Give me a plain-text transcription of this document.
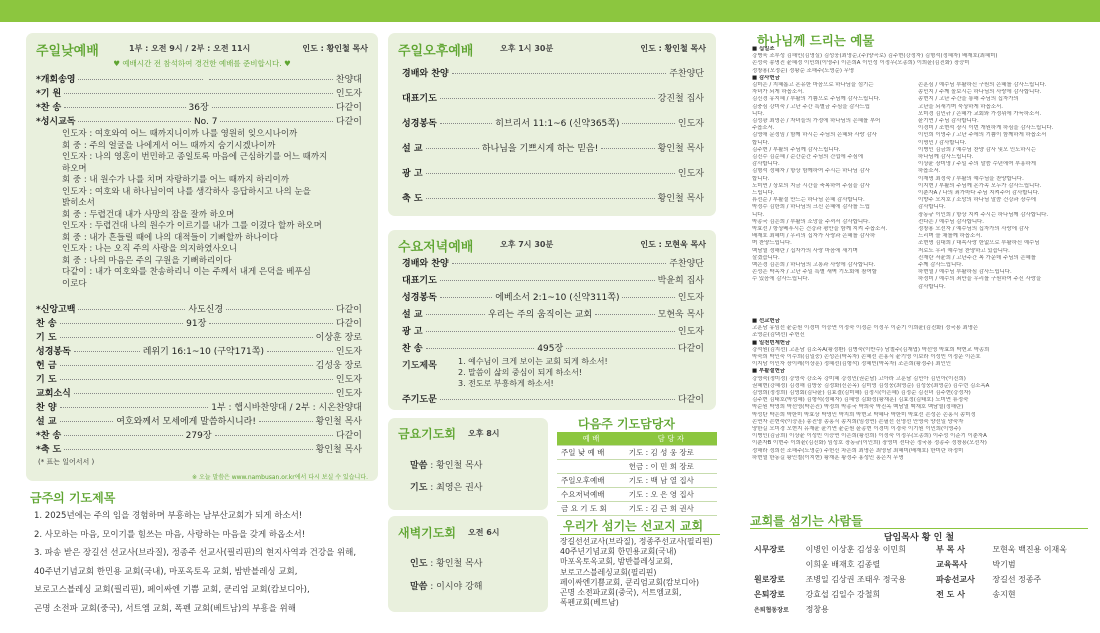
주일낮예배	1부 : 오전 9시 / 2부 : 오전 11시	인도 : 황인철 목사
♥ 예배시간 전 참석하여 경건한 예배를 준비합시다. ♥
*개회송영	찬양대
*기 원	인도자
*찬 송	36장	다같이
*성시교독	No. 7	다같이
인도자 : 여호와여 어느 때까지니이까 나를 영원히 잊으시나이까
회 중 : 주의 얼굴을 나에게서 어느 때까지 숨기시겠나이까
인도자 : 나의 영혼이 번민하고 종일토록 마음에 근심하기를 어느 때까지
하오며
회 중 : 내 원수가 나를 치며 자랑하기를 어느 때까지 하리이까
인도자 : 여호와 내 하나님이여 나를 생각하사 응답하시고 나의 눈을
밝히소서
회 중 : 두렵건대 내가 사망의 잠을 잘까 하오며
인도자 : 두렵건대 나의 원수가 이르기를 내가 그를 이겼다 할까 하오며
회 중 : 내가 흔들릴 때에 나의 대적들이 기뻐할까 하나이다
인도자 : 나는 오직 주의 사랑을 의지하였사오니
회 중 : 나의 마음은 주의 구원을 기뻐하리이다
다같이 : 내가 여호와를 찬송하리니 이는 주께서 내게 은덕을 베푸심
이로다
*신앙고백	사도신경	다같이
찬 송	91장	다같이
기 도	이상훈 장로
성경봉독	레위기 16:1~10 (구약171쪽)	인도자
헌 금	김성웅 장로
기 도	인도자
교회소식	인도자
찬 양	1부 : 햅시바찬양대 / 2부 : 시온찬양대
설 교	여호와께서 모세에게 말씀하시니라!	황인철 목사
*찬 송	279장	다같이
*축 도	황인철 목사
(* 표는 일어서서 )
※ 오늘 말씀은 www.nambusan.or.kr에서 다시 보실 수 있습니다.
금주의 기도제목
1. 2025년에는 주의 임을 경험하며 부흥하는 남부산교회가 되게 하소서!
2. 사모하는 마음, 모이기를 힘쓰는 마음, 사랑하는 마음을 갖게 하옵소서!
3. 파송 받은 장길선 선교사(브라질), 정종주 선교사(필리핀)의 현지사역과 건강을 위해,
40주년기념교회 한민용 교회(국내), 마포옥토옥 교회, 밤반블레싱 교회,
보로고스블레싱 교회(필리핀), 페이싸엔 기쁨 교회, 쿤리엄 교회(캄보디아),
곤명 소전파 교회(중국), 서트엠 교회, 폭펜 교회(베트남)의 부흥을 위해
주일오후예배	오후 1시 30분	인도 : 황인철 목사
경배와 찬양	주찬양단
대표기도	강진철 집사
성경봉독	히브리서 11:1~6 (신약365쪽)	인도자
설 교	하나님을 기쁘시게 하는 믿음!	황인철 목사
광 고	인도자
축 도	황인철 목사
수요저녁예배	오후 7시 30분	인도 : 모현욱 목사
경배와 찬양	주찬양단
대표기도	박윤희 집사
성경봉독	에베소서 2:1~10 (신약311쪽)	인도자
설 교	우리는 주의 움직이는 교회	모현욱 목사
광 고	인도자
찬 송	495장	다같이
기도제목	1. 예수님이 크게 보이는 교회 되게 하소서!
2. 말씀이 삶의 중심이 되게 하소서!
3. 전도로 부흥하게 하소서!
주기도문	다같이
금요기도회 오후 8시
말씀 : 황인철 목사
기도 : 최영은 권사
새벽기도회 오전 6시
인도 : 황인철 목사
말씀 : 이시야 강해
다음주 기도담당자
예 배	담 당 자
주일 낮 예 배	기도 : 김 성 웅 장로
	헌금 : 이 민 희 장로
주일오후예배	기도 : 백 남 열 집사
수요저녁예배	기도 : 오 은 영 집사
금 요 기 도 회	기도 : 김 근 희 권사
우리가 섬기는 선교지 교회
장길선선교사(브라질), 정종주선교사(필리핀)
40주년기념교회 한민용교회(국내)
마포옥토옥교회, 밤반블레싱교회,
보로고스블레싱교회(필리핀)
페이싸엔기쁨교회, 쿤리엄교회(캄보디아)
곤명 소전파교회(중국), 서트엠교회,
폭펜교회(베트남)
하나님께 드리는 예물
■ 십일조
강병욱 조부성 김해민(김영실) 김성웅(최영순,(주)양곡로) 김주현(강정자) 김형석(정혜자) 배재호(최혜미)
손성숙 송명진 윤혜정 이민희(이영주) 이은희A 이인성 이정우(오종희) 이희윤(김진화) 장승미
정창용(오정순) 정황순 조해주(도영순) 무명
■ 감사헌금
김미은 / 지혜롭고 온유한 마음으로 하나님을 섬기는
자녀가 되게 하옵소서.
김신경 유지혜 / 부활의 기쁨으로 주님께 감사드립니다.
김충심 강미숙 / 고난 주간 특별금 주심을 감사드립
니다.
김성광 최영은 / 자녀들의 가정에 하나님의 은혜를 부어
주옵소서.
김영애 문정임 / 함께 하시는 주님의 은혜와 사랑 감사
합니다.
김주현 / 부활의 주님께 감사드립니다.
김진수 김순혜 / 순간순간 주님의 간섭에 주심에
감사합니다.
김형석 정혜자 / 항상 함께하여 주시는 하나님 감사
합니다.
노미연 / 상보의 지금 시간을 축복하여 주심을 감사
드립니다.
류선순 / 부활절 만드는 하나님 은혜 감사합니다.
박정수 김한희 / 하나님의 크신 은혜에 감사를 드립
니다.
박종국 김은희 / 부활의 소망을 주셔서 감사합니다.
박효선 / 항상베푸시는 건강과 평안을 함께 지켜 주옵소서.
배재호 최혜미 / 우리의 십자가 사랑과 은혜를 감사하
며 찬양드립니다.
백남열 정해란 / 십자가의 사랑 마음에 새기며
살겠습니다.
백은경 김은희 / 하나님의 고통과 사랑에 감사합니다.
손성은 박옥자 / 고난 주일 특별 새벽 기도회에 참여할
수 있음에 감사드립니다.
손훈심 / 예수님 부활하신 구원의 은혜를 감사드립니다.
송민지 / 주께 돌보시는 하나님의 사랑에 감사합니다.
송현지 / 고난 주간을 통해 주님의 십자가의
고난을 되새기며 묵상하게 하옵소서.
오미경 김민규 / 은혜가 교회와 가정위에 가득하소서.
윤기연 / 주님 감사합니다.
이경미 / 조현석 장시 이번 개원하게 하심을 감사드립니다.
이민희 이영주 / 고난 주에의 기쁨이 함께하게 하옵소서
이명민 / 감사합니다.
이병인 김금희 / 예수님 찬양 감사 및오 인도하시는
하나님께 감사드립니다.
이상윤 장미영 / 주일 주의 말씀 수년에여 부흥하게
하옵소서.
이재명 최정숙 / 부활의 예수님을 찬양합니다.
이지현 / 부활의 주님께 온가족 모두가 감사드립니다.
이춘자A / 나의 죄가마다 주님 지켜주어 감사합니다.
이향주 오지호 / 소망의 하나님 말씀 건강과 장수에
감사합니다.
장동규 이인희 / 항상 지켜 주시는 하나님께 감사합니다.
전다은 / 예수님 감사합니다.
정창용 오선자 / 예수님의 십자가의 사랑에 감사
드리며 늘 채를께 하옵소서.
조현명 김대희 / 대속사랑 한없으로 부활하신 예수님
저로도 우리 예수님 찬양하고 있습니다.
진재란 서윤희 / 고난주간 복 가운데 주님의 은혜를
주께 감사드립니다.
하현열 / 예수님 부활하심 감사드립니다.
하정미 / 예수의 죄만을 우리를 구원하여 주신 사랑을
감사합니다.
■ 선교헌금
고훈남 유임선 윤순원 이경미 이승연 이정숙 이정순 이정우 이준기 이희윤(김진화) 정국용 최명은
조영순(김택선) 주헌신
■ 일천번제헌금
강석원(김지선) 고훈남 김소옥A(황정환) 김병숙(이반수) 남철주(김재엽) 박선영 박효희 박현교 박종희
박숙희 박인숙 이수희(김일중) 손성은(박옥자) 손혜선 손홍식 윤기영 이보라 이성빈 이정운 이은호
이지담 이인자 장이레(이상훈) 정혜선(김형석) 정혜빈(박옥자) 조은희(황정주) 최인인
■ 부활절헌금
강영숙(정미정) 강영숙 강소옥 강미혜 강정민(권순남) 고아라 고훈남 김민아 김민아(이진희)
권혜현(강혜정) 김경해 김방웅 김정화(신은옥) 김미영 김성웅(최영순) 김성웅(최영순) 김수련 김소옥A
김영희(정정희) 김영회(김나윤) 김효결(김미혜) 김정시(이은혜) 김정순 김진녀 김주현(강정자)
김주현 김태호(박성혜) 김형석(정혜자) 김혜영 김화정(황재훈) 김효정(김태호) 노미연 류정숙
박순원 박영희 박선영(박은진) 박정희 박종국 박희숙 박진옥 백남열 백재호 백남열(정해란)
박성탄 박은희 박한미 박효상 박영민 박지희 박현교 박혜나 박한미 박효선 손성은 손홍식 송미정
손연자 손현숙(이승훈) 송진영 송홍식 송지희(임정연) 손필선 신영선 안영숙 양선일 양숙자
양한길 오미경 오현지 유재윤 윤기연 윤순원 윤종현 이경미 이경숙 이기원 이민희(이영주)
이병인(김금희) 이상윤 이성빈 이승연 이은희(황선희) 이정숙 이정우(오종희) 이주성 이준기 이춘자A
이춘자B 이현주 이희윤(김진화) 임성호 장동규(이인희) 장영미 전다은 정국용 정종주 정창용(오선자)
정해라 정희선 조해주(도영순) 주헌신 차은희 최명은 최영남 최혜미(배재호) 한미란 하정미
하현열 한동길 황인철(이지현) 황재훈 황정주 홍성민 홍은지 무명
교회를 섬기는 사람들
담임목사 황 인 철
시무장로	이병인 이상훈 김성웅 이민희	부 목 사	모현욱 백진용 이재욱
	이희윤 배재호 김종렬	교육목사	박기범
원로장로	조병일 김상권 조태우 정국용	파송선교사	장길선 정종주
은퇴장로	강효섭 김일수 강철희	전 도 사	송지현
은퇴협동장로	정창용		
